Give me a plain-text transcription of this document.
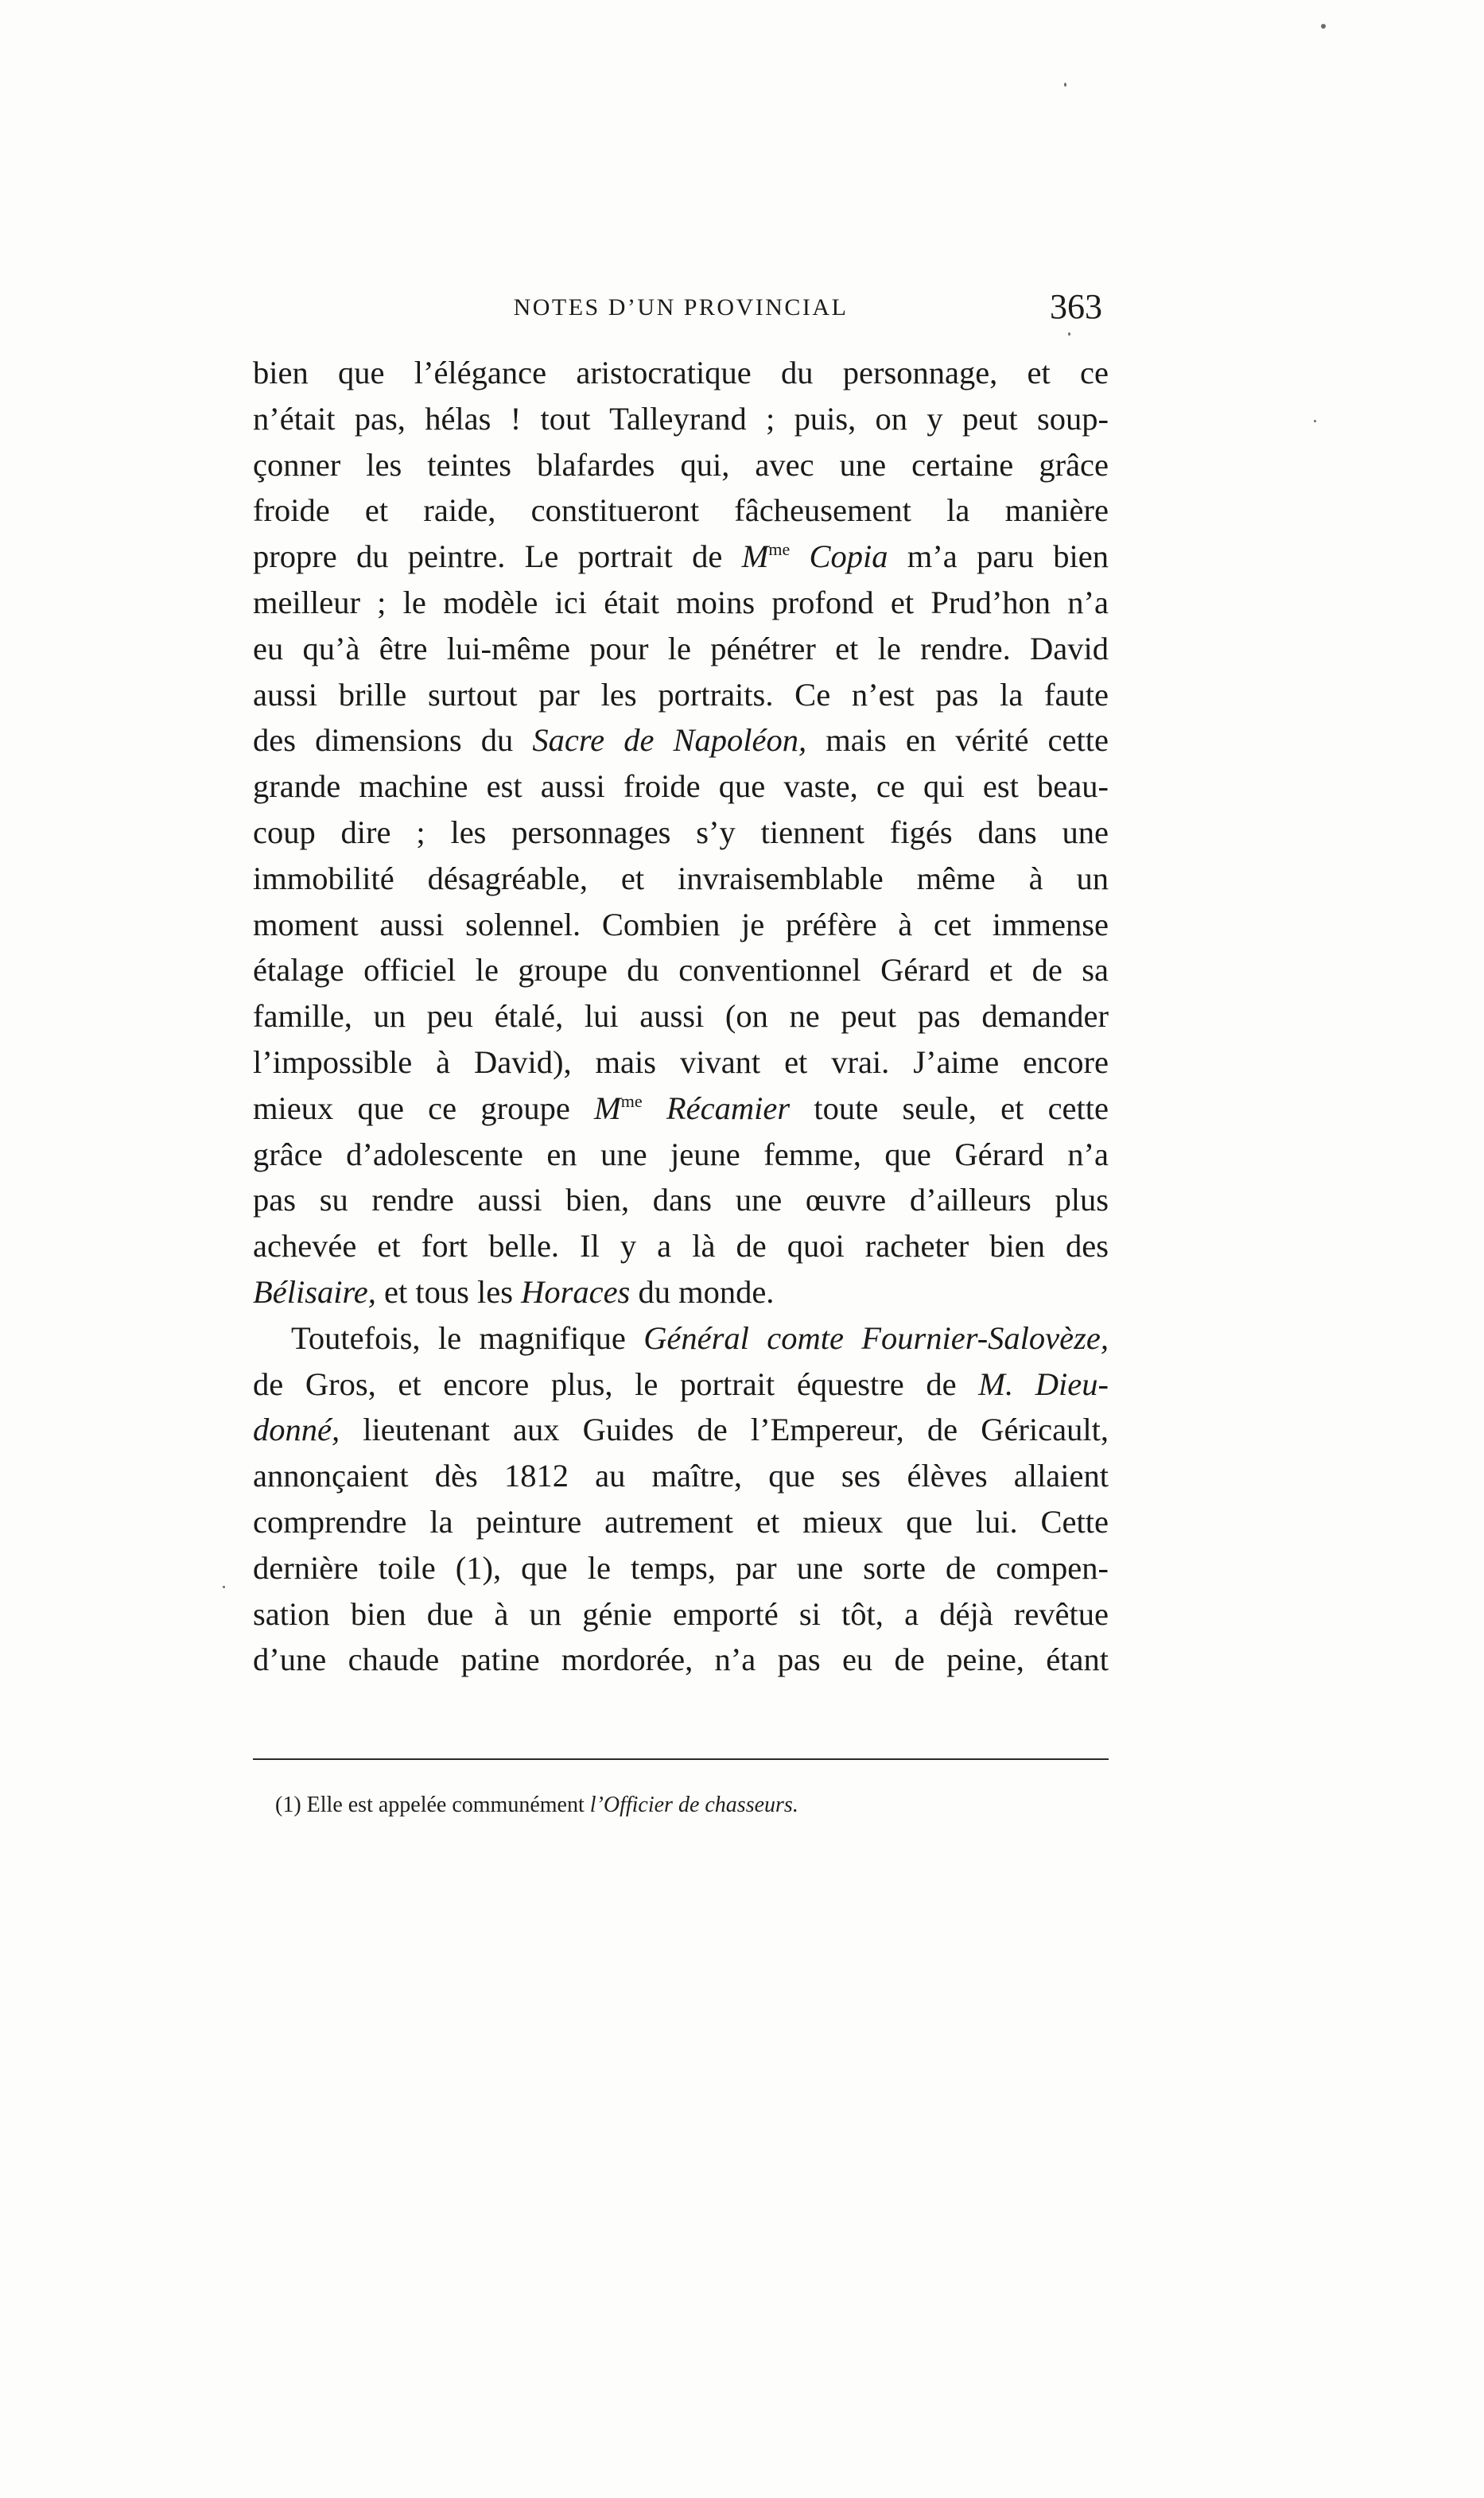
NOTES D’UN PROVINCIAL	363
bien que l’élégance aristocratique du personnage, et ce
n’était pas, hélas ! tout Talleyrand ; puis, on y peut soup-
çonner les teintes blafardes qui, avec une certaine grâce
froide et raide, constitueront fâcheusement la manière
propre du peintre. Le portrait de $M^{me}$ Copia m’a paru bien
meilleur ; le modèle ici était moins profond et Prud’hon n’a
eu qu’à être lui-même pour le pénétrer et le rendre. David
aussi brille surtout par les portraits. Ce n’est pas la faute
des dimensions du Sacre de Napoléon, mais en vérité cette
grande machine est aussi froide que vaste, ce qui est beau-
coup dire ; les personnages s’y tiennent figés dans une
immobilité désagréable, et invraisemblable même à un
moment aussi solennel. Combien je préfère à cet immense
étalage officiel le groupe du conventionnel Gérard et de sa
famille, un peu étalé, lui aussi (on ne peut pas demander
l’impossible à David), mais vivant et vrai. J’aime encore
mieux que ce groupe $M^{me}$ Récamier toute seule, et cette
grâce d’adolescente en une jeune femme, que Gérard n’a
pas su rendre aussi bien, dans une œuvre d’ailleurs plus
achevée et fort belle. Il y a là de quoi racheter bien des
Bélisaire, et tous les Horaces du monde.
Toutefois, le magnifique Général comte Fournier-Salovèze,
de Gros, et encore plus, le portrait équestre de M. Dieu-
donné, lieutenant aux Guides de l’Empereur, de Géricault,
annonçaient dès 1812 au maître, que ses élèves allaient
comprendre la peinture autrement et mieux que lui. Cette
dernière toile (1), que le temps, par une sorte de compen-
sation bien due à un génie emporté si tôt, a déjà revêtue
d’une chaude patine mordorée, n’a pas eu de peine, étant
(1) Elle est appelée communément l’Officier de chasseurs.
